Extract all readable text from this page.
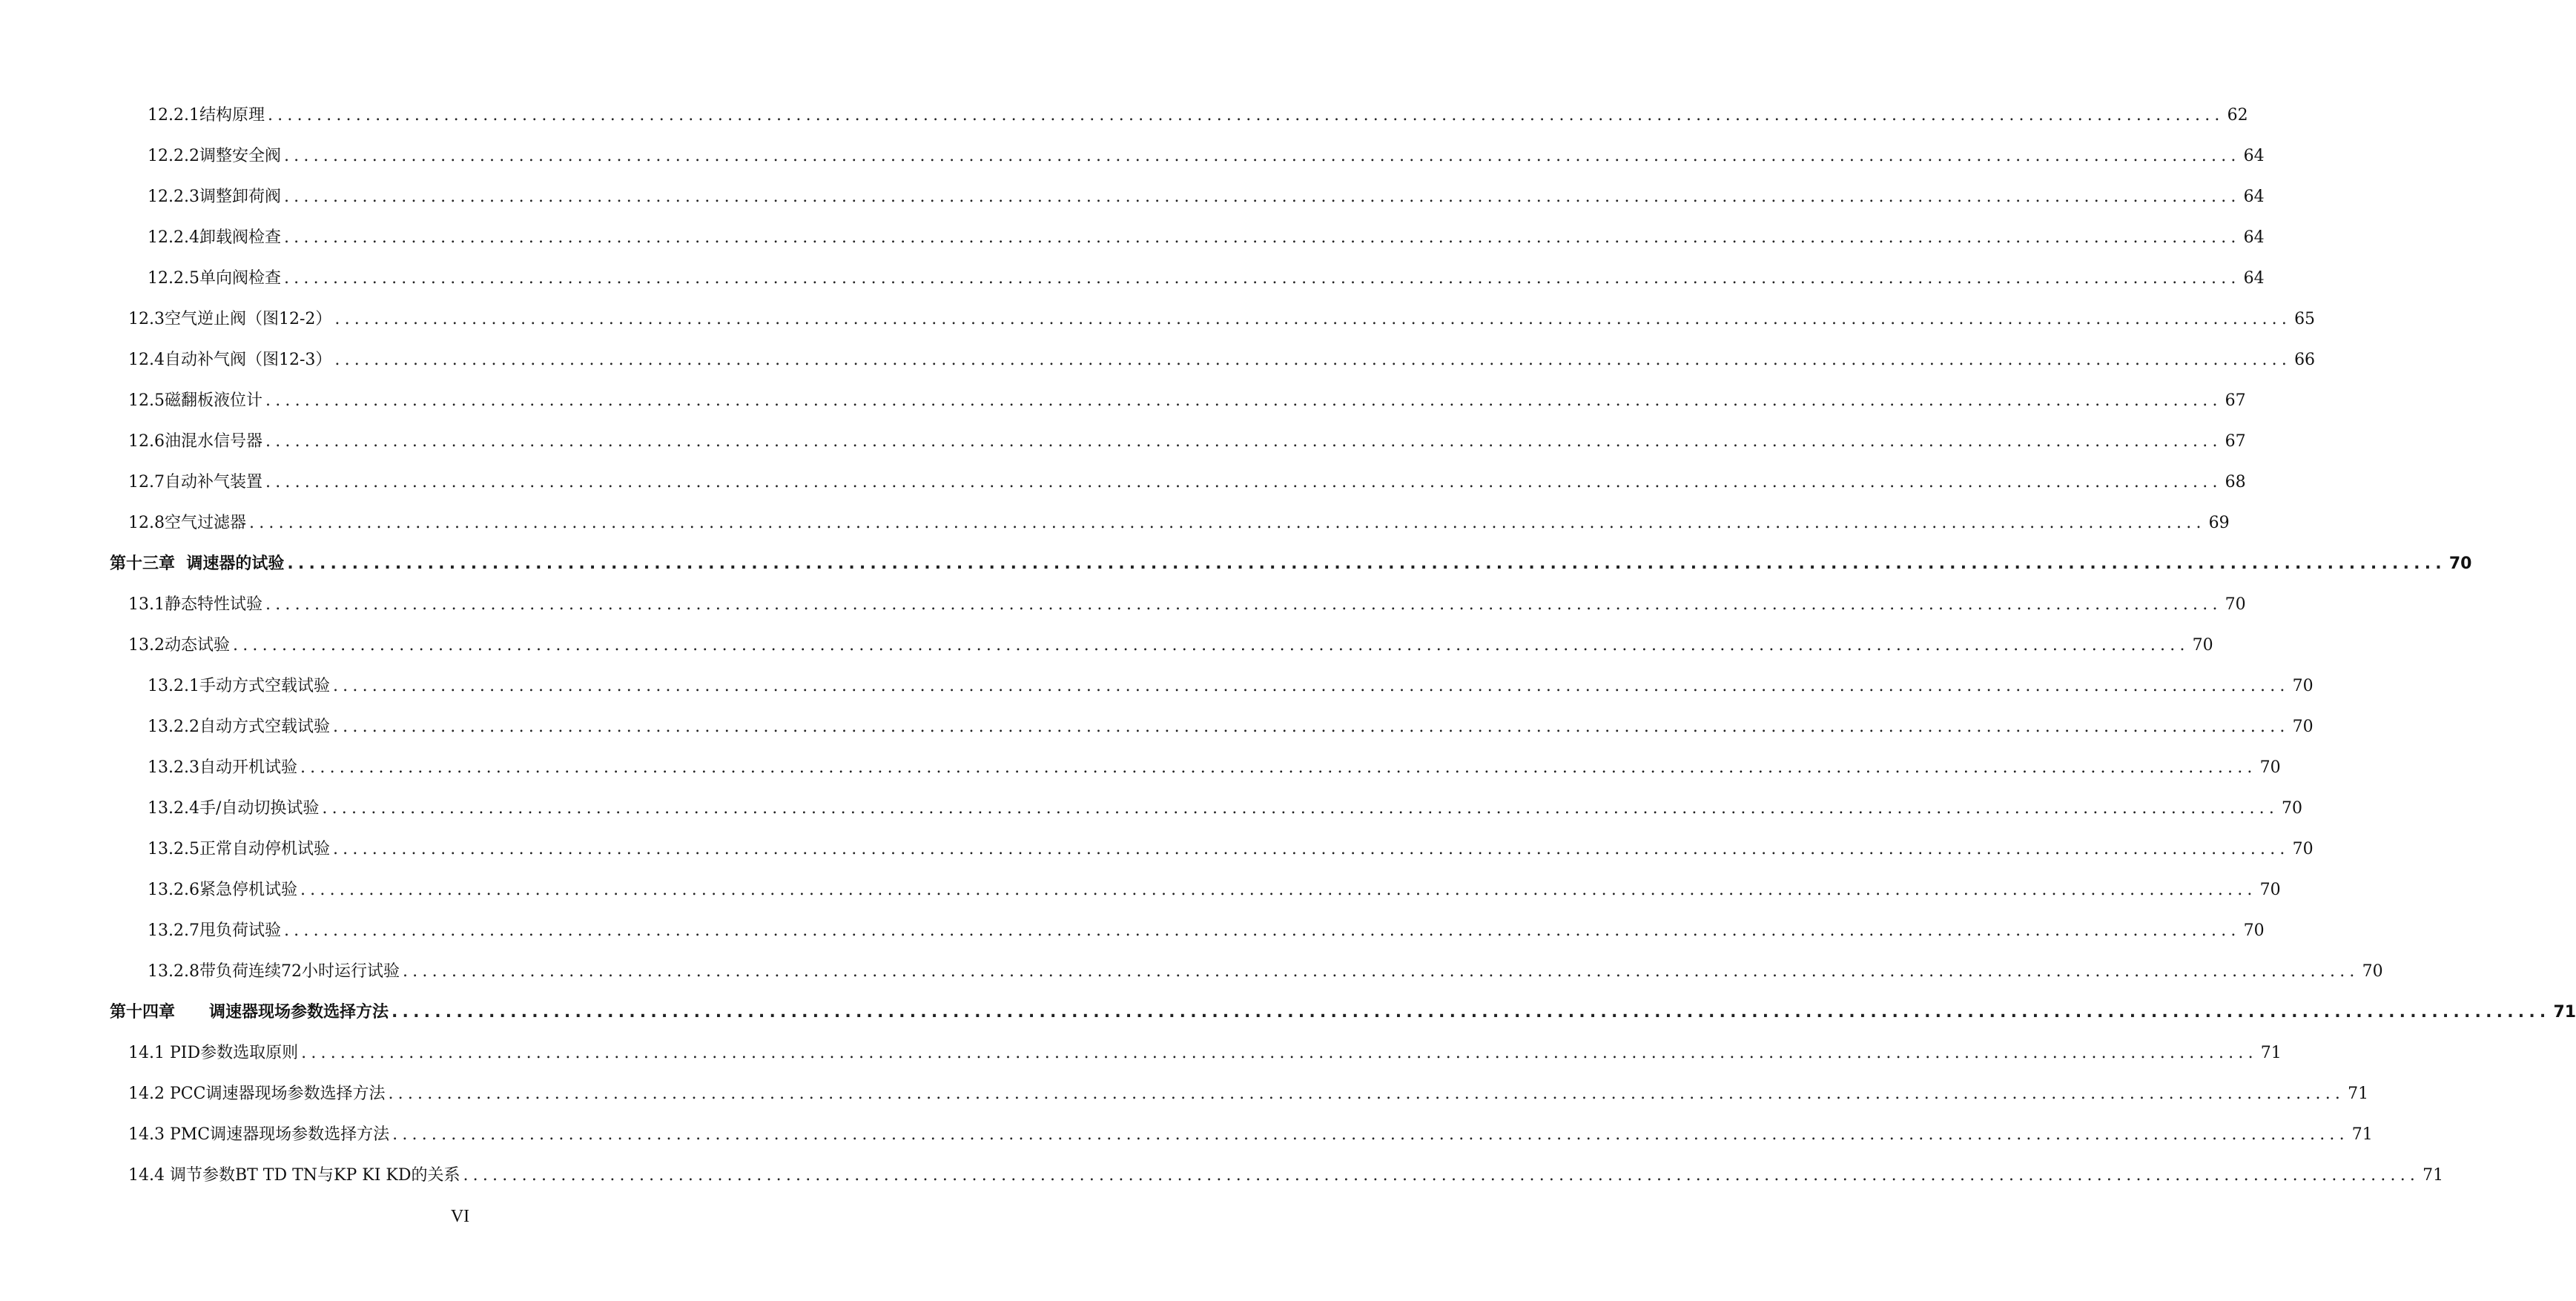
12.2.1结构原理 ........................................................................................................................................................................................................ 62
12.2.2调整安全阀 ........................................................................................................................................................................................................ 64
12.2.3调整卸荷阀 ........................................................................................................................................................................................................ 64
12.2.4卸载阀检查 ........................................................................................................................................................................................................ 64
12.2.5单向阀检查 ........................................................................................................................................................................................................ 64
12.3空气逆止阀（图12-2） ........................................................................................................................................................................................................ 65
12.4自动补气阀（图12-3） ........................................................................................................................................................................................................ 66
12.5磁翻板液位计 ........................................................................................................................................................................................................ 67
12.6油混水信号器 ........................................................................................................................................................................................................ 67
12.7自动补气装置 ........................................................................................................................................................................................................ 68
12.8空气过滤器 ........................................................................................................................................................................................................ 69
第十三章  调速器的试验 ........................................................................................................................................................................................................ 70
13.1静态特性试验 ........................................................................................................................................................................................................ 70
13.2动态试验 ........................................................................................................................................................................................................ 70
13.2.1手动方式空载试验 ........................................................................................................................................................................................................ 70
13.2.2自动方式空载试验 ........................................................................................................................................................................................................ 70
13.2.3自动开机试验 ........................................................................................................................................................................................................ 70
13.2.4手/自动切换试验 ........................................................................................................................................................................................................ 70
13.2.5正常自动停机试验 ........................................................................................................................................................................................................ 70
13.2.6紧急停机试验 ........................................................................................................................................................................................................ 70
13.2.7甩负荷试验 ........................................................................................................................................................................................................ 70
13.2.8带负荷连续72小时运行试验 ........................................................................................................................................................................................................ 70
第十四章      调速器现场参数选择方法 ........................................................................................................................................................................................................ 71
14.1 PID参数选取原则 ........................................................................................................................................................................................................ 71
14.2 PCC调速器现场参数选择方法 ........................................................................................................................................................................................................ 71
14.3 PMC调速器现场参数选择方法 ........................................................................................................................................................................................................ 71
14.4 调节参数BT TD TN与KP KI KD的关系 ........................................................................................................................................................................................................ 71
VI
